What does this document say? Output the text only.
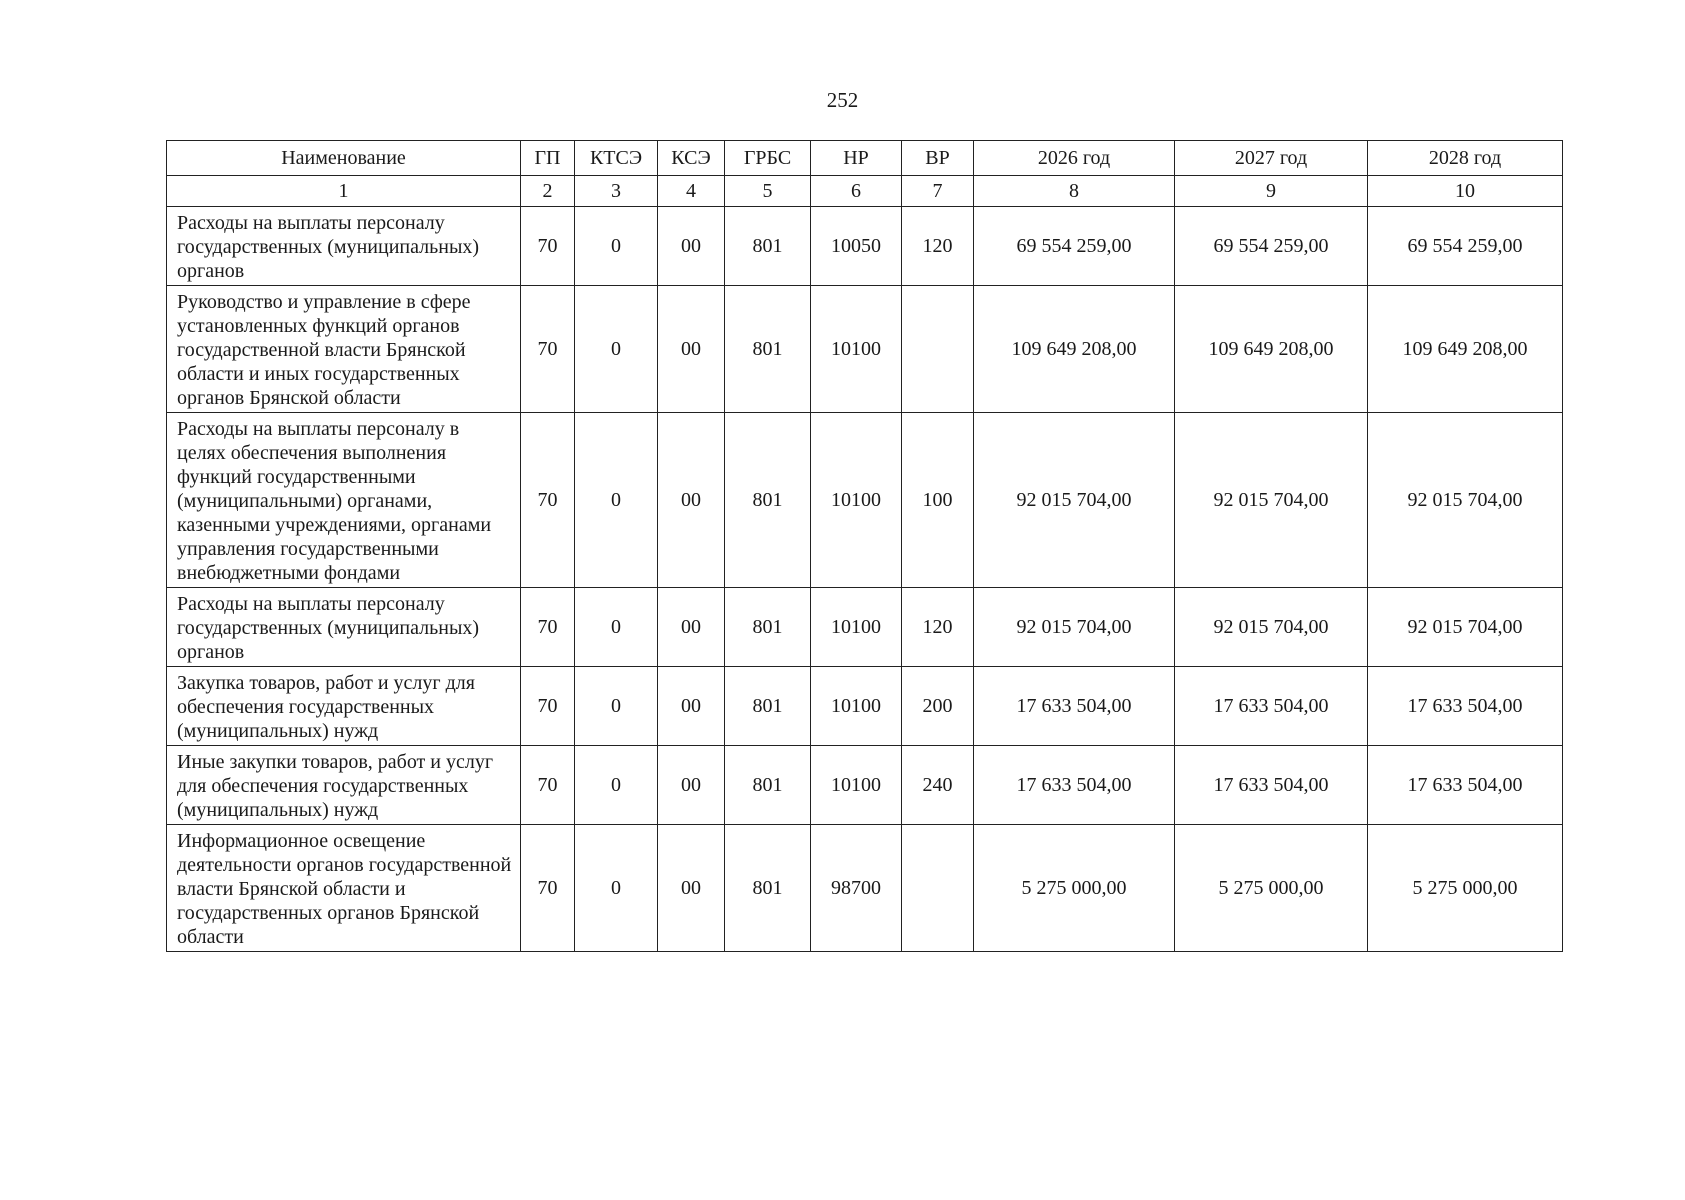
252
Наименование	ГП	КТСЭ	КСЭ	ГРБС	НР	ВР	2026 год	2027 год	2028 год
1	2	3	4	5	6	7	8	9	10
Расходы на выплаты персоналу государственных (муниципальных) органов	70	0	00	801	10050	120	69 554 259,00	69 554 259,00	69 554 259,00
Руководство и управление в сфере установленных функций органов государственной власти Брянской области и иных государственных органов Брянской области	70	0	00	801	10100		109 649 208,00	109 649 208,00	109 649 208,00
Расходы на выплаты персоналу в целях обеспечения выполнения функций государственными (муниципальными) органами, казенными учреждениями, органами управления государственными внебюджетными фондами	70	0	00	801	10100	100	92 015 704,00	92 015 704,00	92 015 704,00
Расходы на выплаты персоналу государственных (муниципальных) органов	70	0	00	801	10100	120	92 015 704,00	92 015 704,00	92 015 704,00
Закупка товаров, работ и услуг для обеспечения государственных (муниципальных) нужд	70	0	00	801	10100	200	17 633 504,00	17 633 504,00	17 633 504,00
Иные закупки товаров, работ и услуг для обеспечения государственных (муниципальных) нужд	70	0	00	801	10100	240	17 633 504,00	17 633 504,00	17 633 504,00
Информационное освещение деятельности органов государственной власти Брянской области и государственных органов Брянской области	70	0	00	801	98700		5 275 000,00	5 275 000,00	5 275 000,00
